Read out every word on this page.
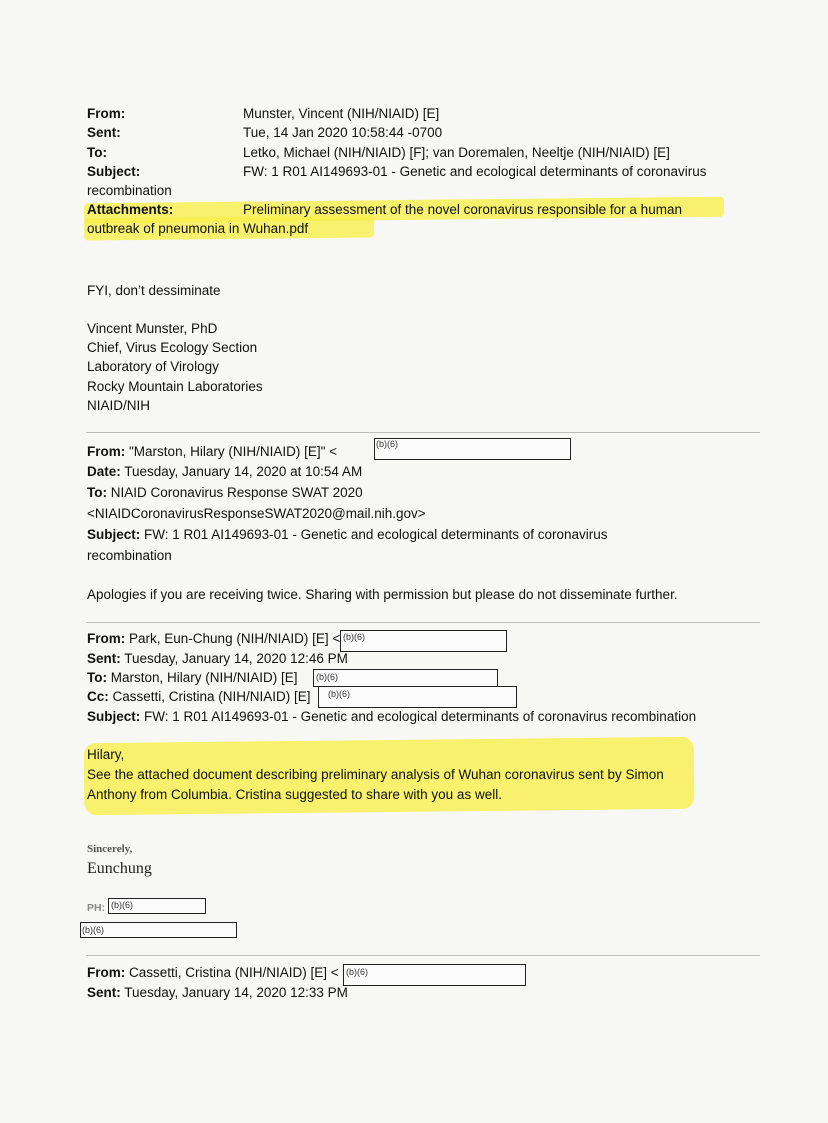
From:	Munster, Vincent (NIH/NIAID) [E]
Sent:	Tue, 14 Jan 2020 10:58:44 -0700
To:	Letko, Michael (NIH/NIAID) [F]; van Doremalen, Neeltje (NIH/NIAID) [E]
Subject:	FW: 1 R01 AI149693-01 - Genetic and ecological determinants of coronavirus
recombination
Attachments:	Preliminary assessment of the novel coronavirus responsible for a human
outbreak of pneumonia in Wuhan.pdf
FYI, don’t dessiminate
Vincent Munster, PhD
Chief, Virus Ecology Section
Laboratory of Virology
Rocky Mountain Laboratories
NIAID/NIH
From: "Marston, Hilary (NIH/NIAID) [E]" <	(b)(6)
Date: Tuesday, January 14, 2020 at 10:54 AM
To: NIAID Coronavirus Response SWAT 2020
<NIAIDCoronavirusResponseSWAT2020@mail.nih.gov>
Subject: FW: 1 R01 AI149693-01 - Genetic and ecological determinants of coronavirus
recombination
Apologies if you are receiving twice. Sharing with permission but please do not disseminate further.
From: Park, Eun-Chung (NIH/NIAID) [E] < (b)(6)
Sent: Tuesday, January 14, 2020 12:46 PM
To: Marston, Hilary (NIH/NIAID) [E] (b)(6)
Cc: Cassetti, Cristina (NIH/NIAID) [E] (b)(6)
Subject: FW: 1 R01 AI149693-01 - Genetic and ecological determinants of coronavirus recombination
Hilary,
See the attached document describing preliminary analysis of Wuhan coronavirus sent by Simon
Anthony from Columbia. Cristina suggested to share with you as well.
Sincerely,
Eunchung
PH: (b)(6)
(b)(6)
From: Cassetti, Cristina (NIH/NIAID) [E] < (b)(6)
Sent: Tuesday, January 14, 2020 12:33 PM
